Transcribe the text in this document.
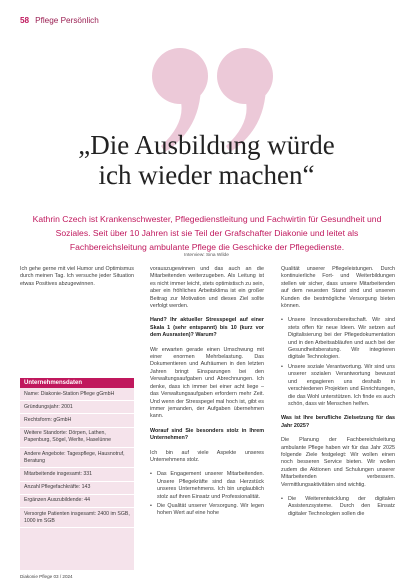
58 Pflege Persönlich
„Die Ausbildung würde
ich wieder machen“
Kathrin Czech ist Krankenschwester, Pflegedienstleitung und Fachwirtin für Gesundheit und Soziales. Seit über 10 Jahren ist sie Teil der Grafschafter Diakonie und leitet als Fachbereichsleitung ambulante Pflege die Geschicke der Pflegedienste.
Interview: Sina Wilde

Ich gehe gerne mit viel Humor und Optimismus durch meinen Tag. Ich versuche jeder Situation etwas Positives abzugewinnen.

Unternehmensdaten
Name: Diakonie-Station Pflege gGmbH
Gründungsjahr: 2001
Rechtsform: gGmbH
Weitere Standorte: Dörpen, Lathen, Papenburg, Sögel, Werlte, Haselünne
Andere Angebote: Tagespflege, Hausnotruf, Beratung
Mitarbeitende insgesamt: 331
Anzahl Pflegefachkräfte: 143
Ergänzen Auszubildende: 44
Versorgte Patienten insgesamt: 2400 im SGB, 1000 im SGB

vorauszugewinnen und das auch an die Mitarbeitenden weiterzugeben. Als Leitung ist es nicht immer leicht, stets optimistisch zu sein, aber ein fröhliches Arbeitsklima ist ein großer Beitrag zur Motivation und dieses Ziel sollte verfolgt werden.

Hand? Ihr aktueller Stresspegel auf einer Skala 1 (sehr entspannt) bis 10 (kurz vor dem Ausrasten)? Warum?

Wir erwarten gerade einen Umschwung mit einer enormen Mehrbelastung. Das Dokumentieren und Aufräumen in den letzten Jahren bringt Einsparungen bei den Verwaltungsaufgaben und Abrechnungen. Ich denke, dass ich immer bei einer acht liege – das Verwaltungsaufgaben erfordern mehr Zeit. Und wenn der Stresspegel mal hoch ist, gibt es immer jemanden, der Aufgaben übernehmen kann.

Worauf sind Sie besonders stolz in Ihrem Unternehmen?

Ich bin auf viele Aspekte unseres Unternehmens stolz.

• Das Engagement unserer Mitarbeitenden. Unsere Pflegekräfte sind das Herzstück unseres Unternehmens. Ich bin unglaublich stolz auf ihren Einsatz und Professionalität.
• Die Qualität unserer Versorgung. Wir legen hohen Wert auf eine hohe

Qualität unserer Pflegeleistungen. Durch kontinuierliche Fort- und Weiterbildungen stellen wir sicher, dass unsere Mitarbeitenden auf dem neuesten Stand sind und unseren Kunden die bestmögliche Versorgung bieten können.

• Unsere Innovationsbereitschaft. Wir sind stets offen für neue Ideen. Wir setzen auf Digitalisierung bei der Pflegedokumentation und in den Arbeitsabläufen und auch bei der Gesundheitsberatung. Wir integrieren digitale Technologien.
• Unsere soziale Verantwortung. Wir sind uns unserer sozialen Verantwortung bewusst und engagieren uns deshalb in verschiedenen Projekten und Einrichtungen, die das Wohl unterstützen. Ich finde es auch schön, dass wir Menschen helfen.

Was ist Ihre berufliche Zielsetzung für das Jahr 2025?

Die Planung der Fachbereichsleitung ambulante Pflege haben wir für das Jahr 2025 folgende Ziele festgelegt: Wir wollen einen noch besseren Service bieten. Wir wollen zudem die Aktionen und Schulungen unserer Mitarbeitenden verbessern. Vermittlungsaktivitäten sind wichtig.

• Die Weiterentwicklung der digitalen Assistenzsysteme. Durch den Einsatz digitaler Technologien sollen die
Diakonie Pflege 03 / 2024
